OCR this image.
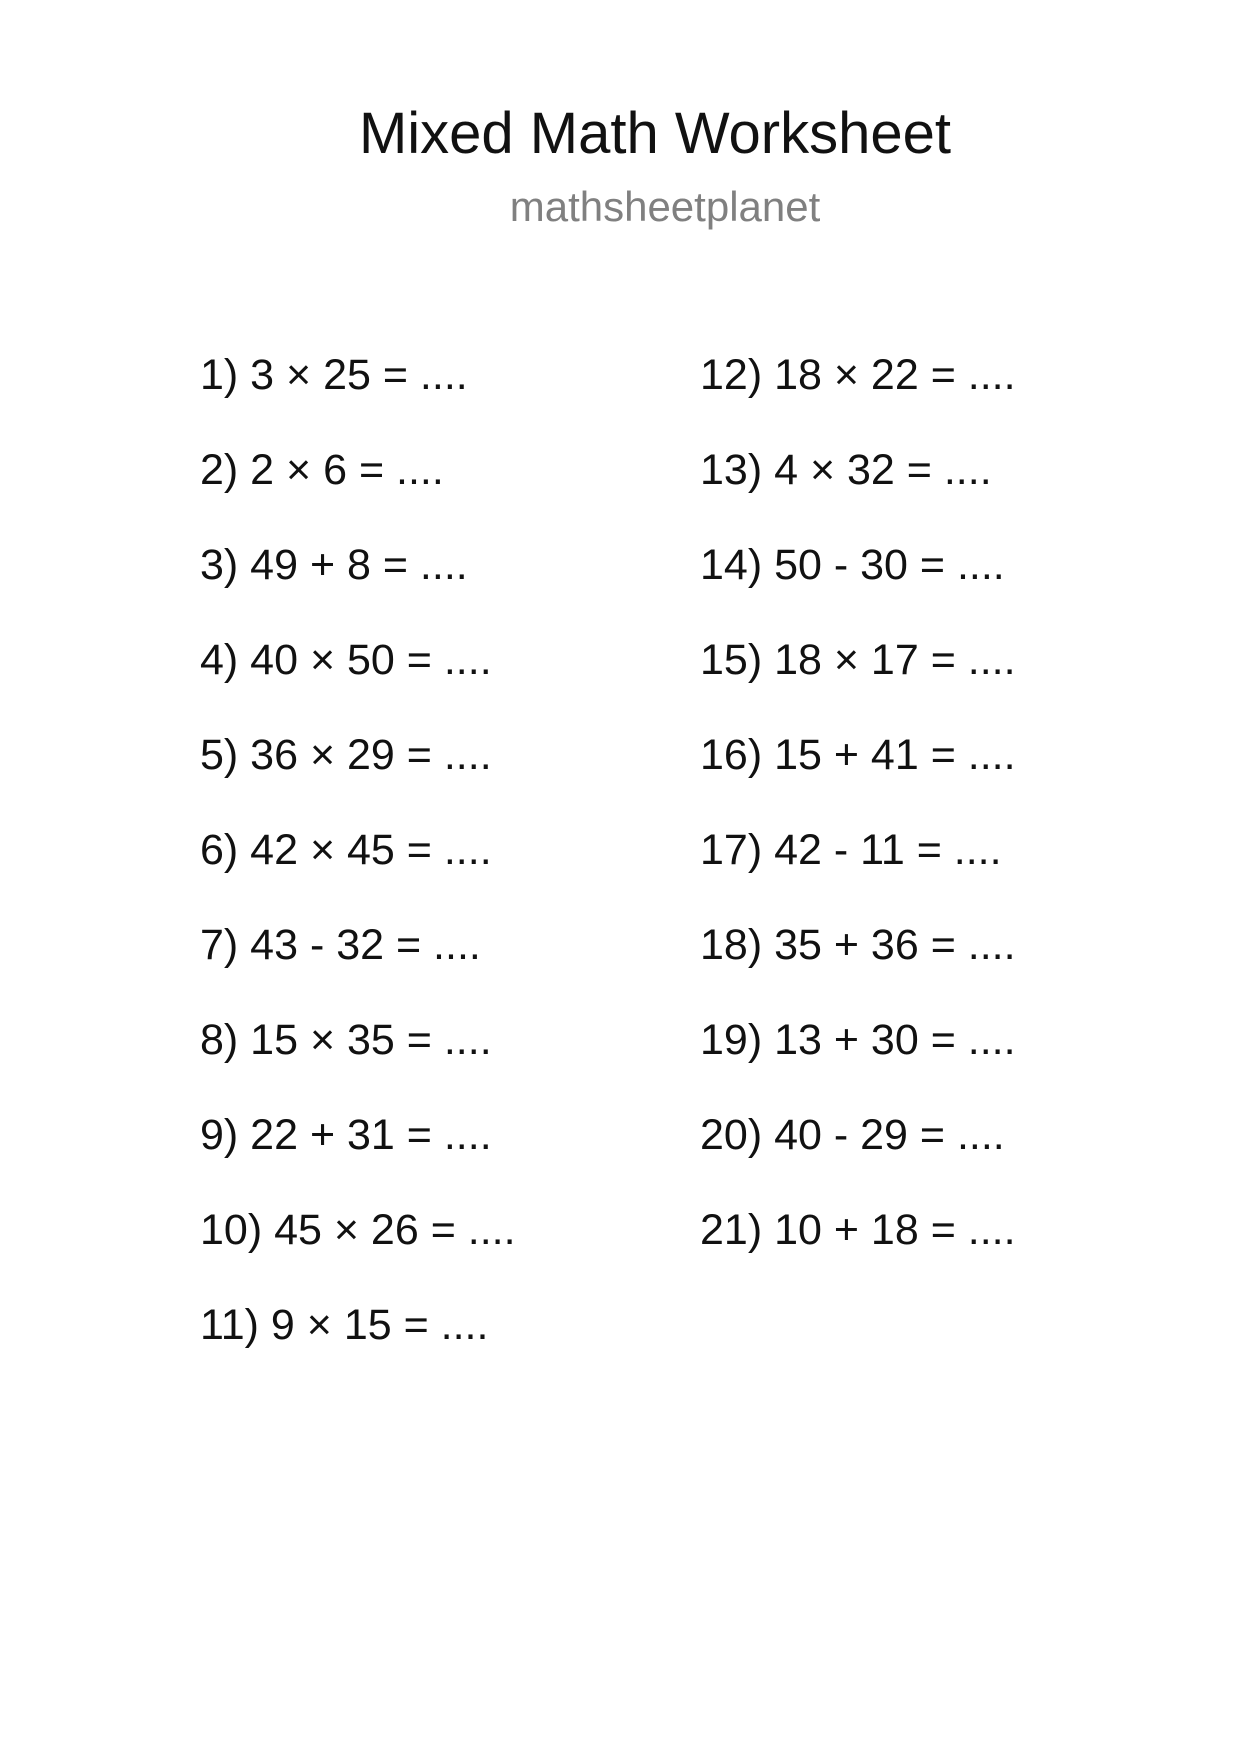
Mixed Math Worksheet
mathsheetplanet
1) 3 × 25 = ....
2) 2 × 6 = ....
3) 49 + 8 = ....
4) 40 × 50 = ....
5) 36 × 29 = ....
6) 42 × 45 = ....
7) 43 - 32 = ....
8) 15 × 35 = ....
9) 22 + 31 = ....
10) 45 × 26 = ....
11) 9 × 15 = ....
12) 18 × 22 = ....
13) 4 × 32 = ....
14) 50 - 30 = ....
15) 18 × 17 = ....
16) 15 + 41 = ....
17) 42 - 11 = ....
18) 35 + 36 = ....
19) 13 + 30 = ....
20) 40 - 29 = ....
21) 10 + 18 = ....
